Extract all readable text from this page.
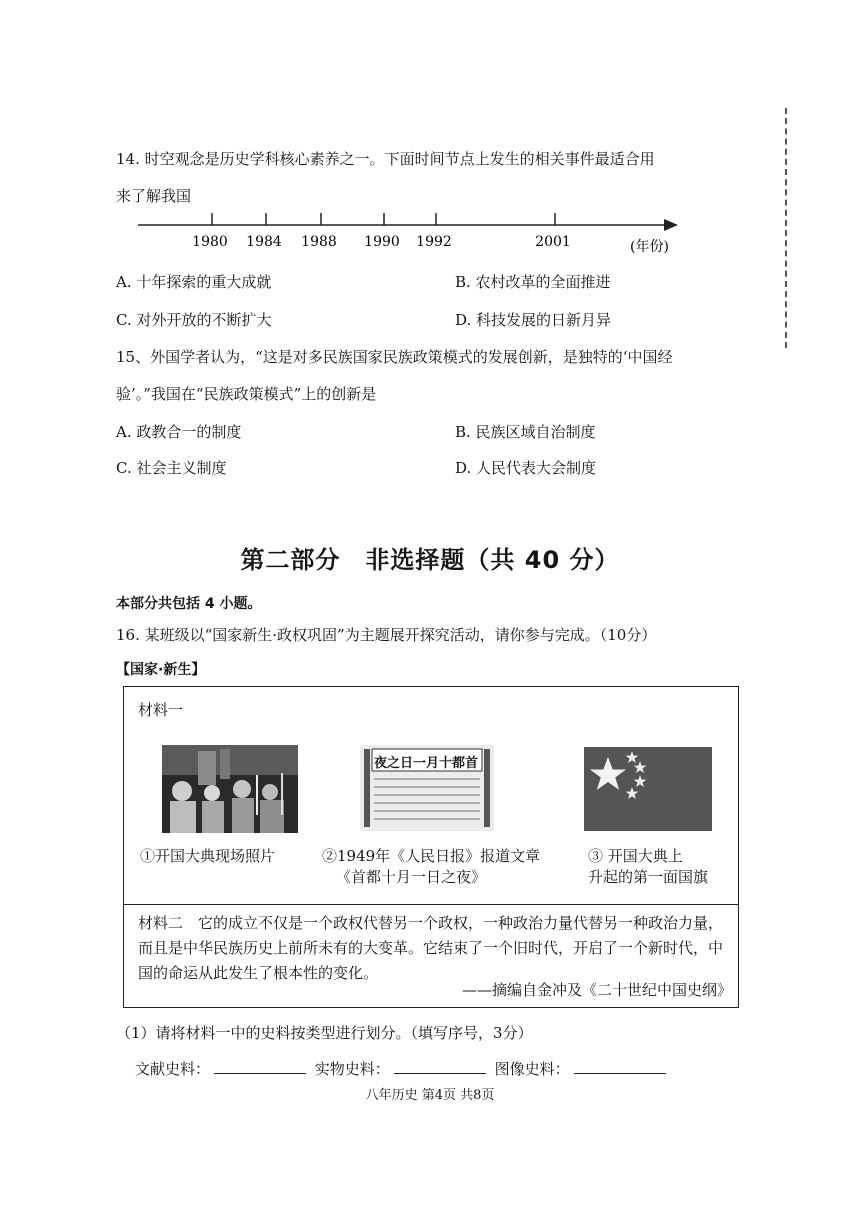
14. 时空观念是历史学科核心素养之一。下面时间节点上发生的相关事件最适合用
来了解我国
1980 1984 1988 1990 1992	2001	(年份)
A. 十年探索的重大成就	B. 农村改革的全面推进
C. 对外开放的不断扩大	D. 科技发展的日新月异
15、外国学者认为，“这是对多民族国家民族政策模式的发展创新，是独特的‘中国经
验’。”我国在“民族政策模式”上的创新是
A. 政教合一的制度	B. 民族区域自治制度
C. 社会主义制度	D. 人民代表大会制度
第二部分　非选择题（共 40 分）
本部分共包括 4 小题。
16. 某班级以“国家新生·政权巩固”为主题展开探究活动，请你参与完成。（10分）
【国家·新生】
材料一
夜之日一月十都首
①开国大典现场照片	②1949年《人民日报》报道文章
《首都十月一日之夜》
③ 开国大典上
升起的第一面国旗
材料二　它的成立不仅是一个政权代替另一个政权，一种政治力量代替另一种政治力量，而且是中华民族历史上前所未有的大变革。它结束了一个旧时代，开启了一个新时代，中国的命运从此发生了根本性的变化。
——摘编自金冲及《二十世纪中国史纲》
（1）请将材料一中的史料按类型进行划分。（填写序号，3分）
文献史料：	实物史料：	图像史料：
八年历史 第4页 共8页
